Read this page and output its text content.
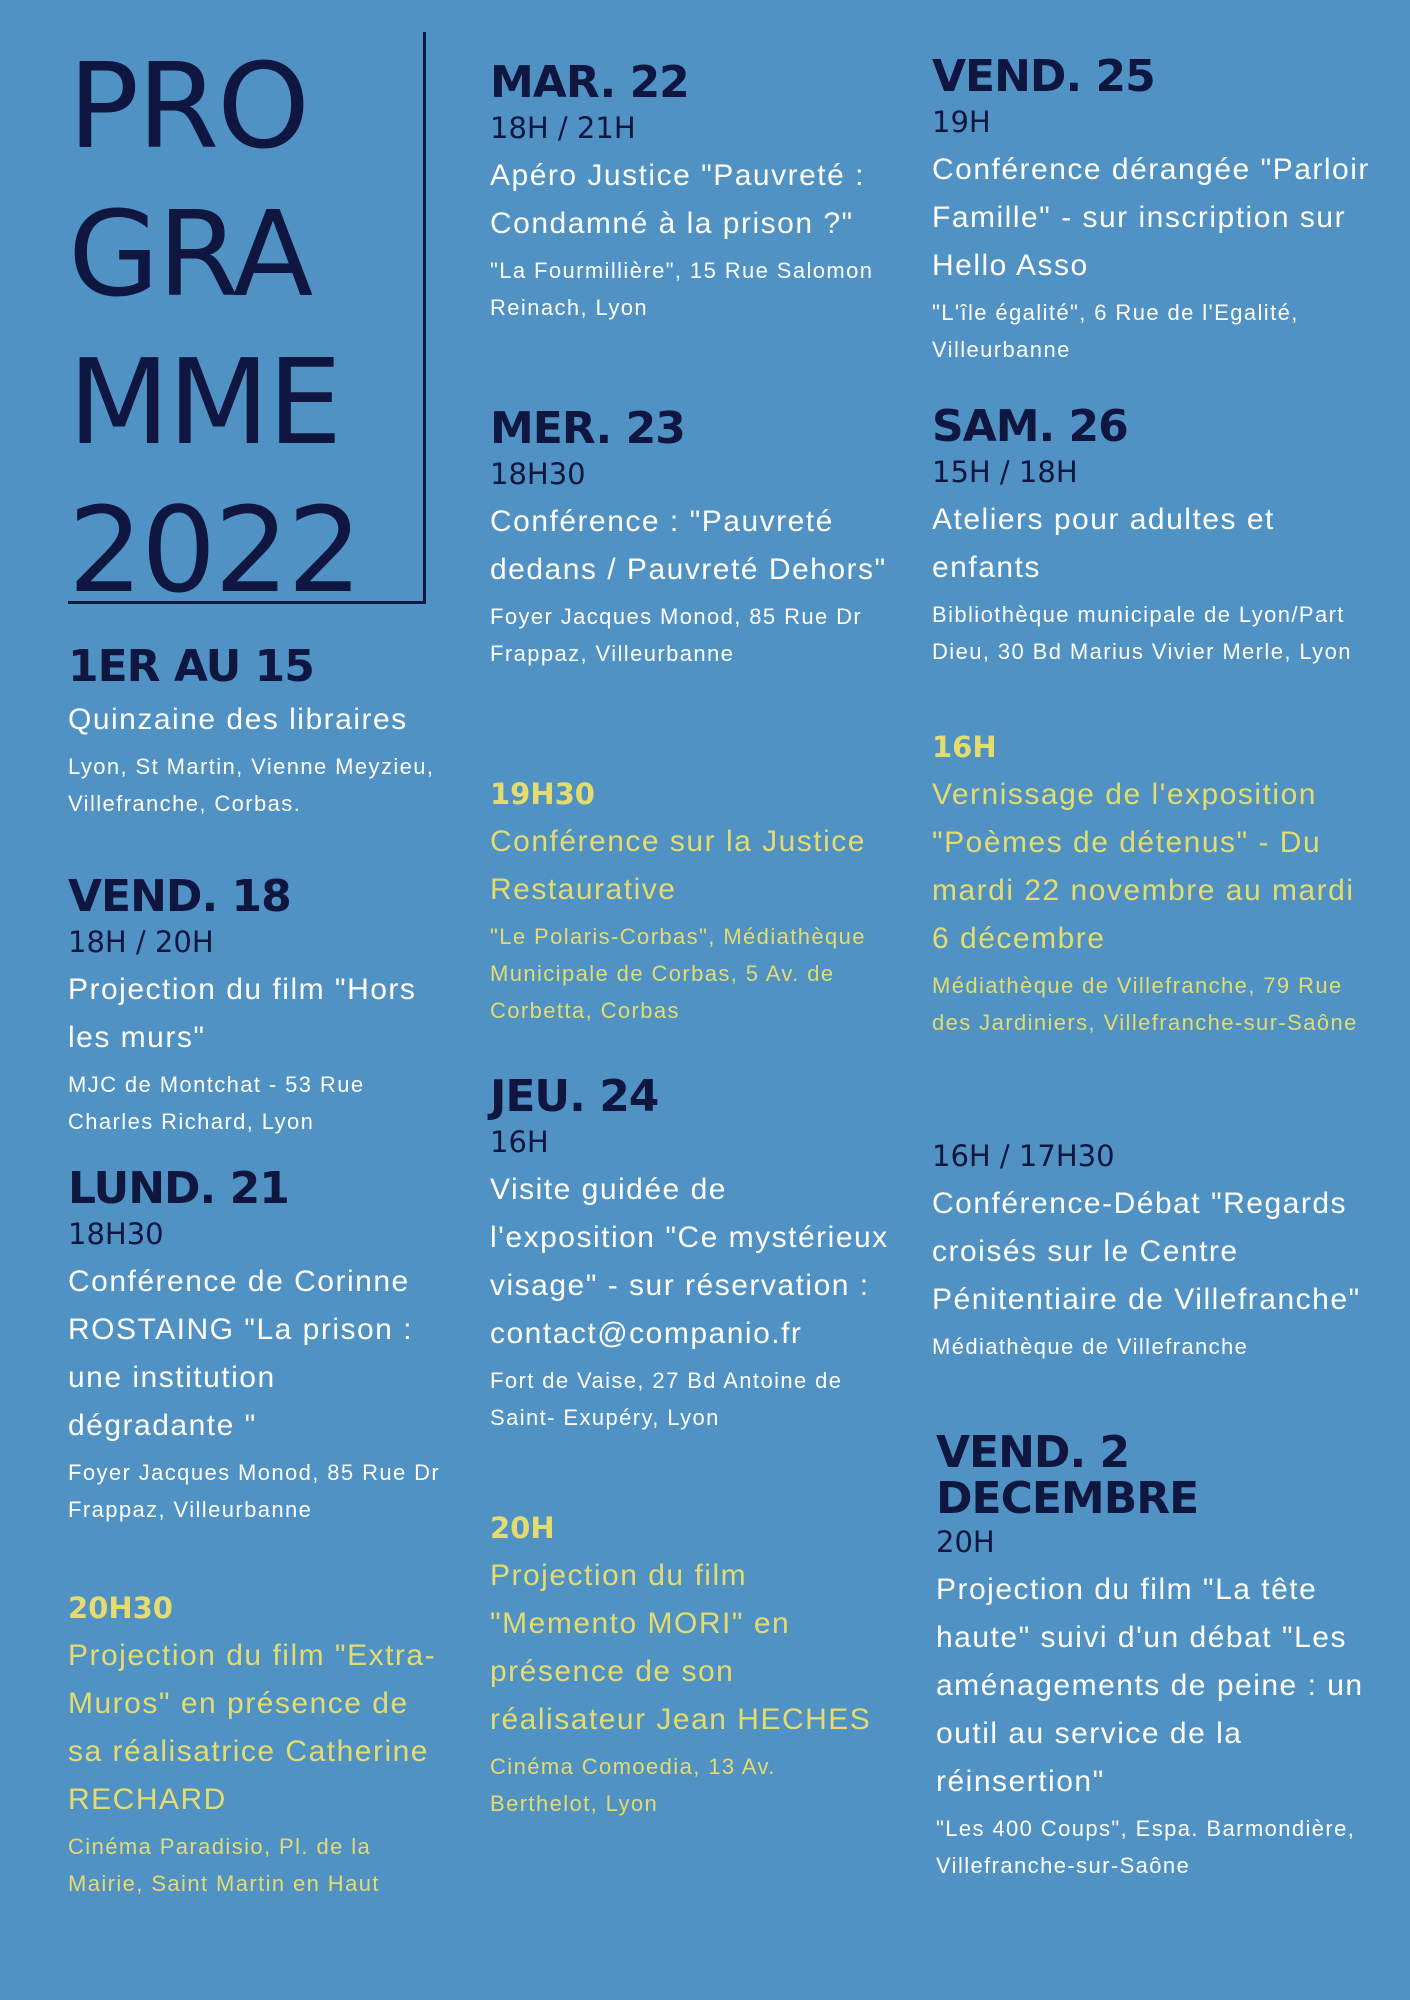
PRO
GRA
MME
2022
1ER AU 15
Quinzaine des libraires
Lyon, St Martin, Vienne Meyzieu, Villefranche, Corbas.
VEND. 18
18H / 20H
Projection du film "Hors les murs"
MJC de Montchat - 53 Rue Charles Richard, Lyon
LUND. 21
18H30
Conférence de Corinne ROSTAING "La prison : une institution dégradante "
Foyer Jacques Monod, 85 Rue Dr Frappaz, Villeurbanne
20H30
Projection du film "Extra-Muros" en présence de sa réalisatrice Catherine RECHARD
Cinéma Paradisio, Pl. de la Mairie, Saint Martin en Haut
MAR. 22
18H / 21H
Apéro Justice "Pauvreté : Condamné à la prison ?"
"La Fourmillière", 15 Rue Salomon Reinach, Lyon
MER. 23
18H30
Conférence : "Pauvreté dedans / Pauvreté Dehors"
Foyer Jacques Monod, 85 Rue Dr Frappaz, Villeurbanne
19H30
Conférence sur la Justice Restaurative
"Le Polaris-Corbas", Médiathèque Municipale de Corbas, 5 Av. de Corbetta, Corbas
JEU. 24
16H
Visite guidée de l'exposition "Ce mystérieux visage" - sur réservation : contact@companio.fr
Fort de Vaise, 27 Bd Antoine de Saint- Exupéry, Lyon
20H
Projection du film "Memento MORI" en présence de son réalisateur Jean HECHES
Cinéma Comoedia, 13 Av. Berthelot, Lyon
VEND. 25
19H
Conférence dérangée "Parloir Famille" - sur inscription sur Hello Asso
"L'île égalité", 6 Rue de l'Egalité, Villeurbanne
SAM. 26
15H / 18H
Ateliers pour adultes et enfants
Bibliothèque municipale de Lyon/Part Dieu, 30 Bd Marius Vivier Merle, Lyon
16H
Vernissage de l'exposition "Poèmes de détenus" - Du mardi 22 novembre au mardi 6 décembre
Médiathèque de Villefranche, 79 Rue des Jardiniers, Villefranche-sur-Saône
16H / 17H30
Conférence-Débat "Regards croisés sur le Centre Pénitentiaire de Villefranche"
Médiathèque de Villefranche
VEND. 2 DECEMBRE
20H
Projection du film "La tête haute" suivi d'un débat "Les aménagements de peine : un outil au service de la réinsertion"
"Les 400 Coups", Espa. Barmondière, Villefranche-sur-Saône
